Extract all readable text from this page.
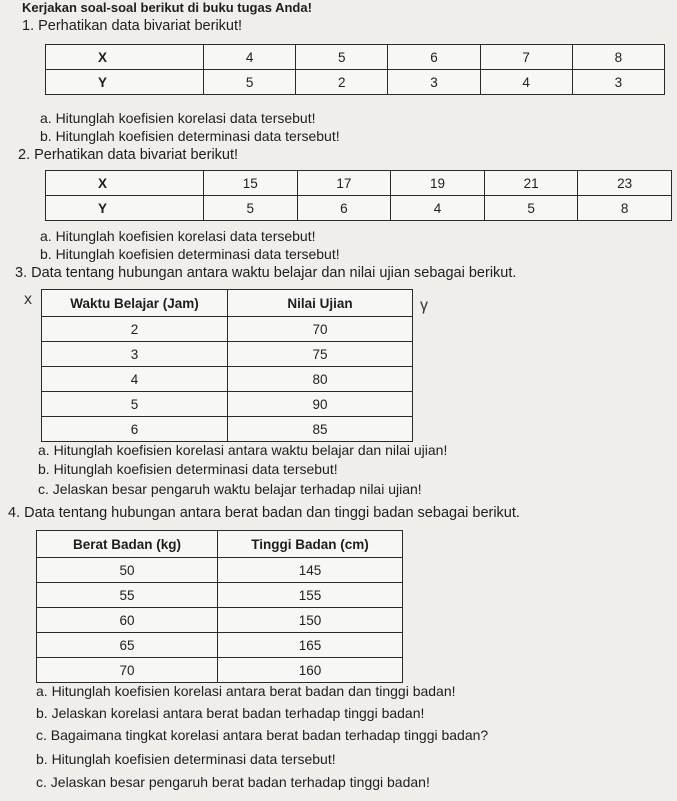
Kerjakan soal-soal berikut di buku tugas Anda!
1. Perhatikan data bivariat berikut!
X	4	5	6	7	8
Y	5	2	3	4	3
a. Hitunglah koefisien korelasi data tersebut!
b. Hitunglah koefisien determinasi data tersebut!
2. Perhatikan data bivariat berikut!
X	15	17	19	21	23
Y	5	6	4	5	8
a. Hitunglah koefisien korelasi data tersebut!
b. Hitunglah koefisien determinasi data tersebut!
3. Data tentang hubungan antara waktu belajar dan nilai ujian sebagai berikut.
x	γ
Waktu Belajar (Jam)	Nilai Ujian
2	70
3	75
4	80
5	90
6	85
a. Hitunglah koefisien korelasi antara waktu belajar dan nilai ujian!
b. Hitunglah koefisien determinasi data tersebut!
c. Jelaskan besar pengaruh waktu belajar terhadap nilai ujian!
4. Data tentang hubungan antara berat badan dan tinggi badan sebagai berikut.
Berat Badan (kg)	Tinggi Badan (cm)
50	145
55	155
60	150
65	165
70	160
a. Hitunglah koefisien korelasi antara berat badan dan tinggi badan!
b. Jelaskan korelasi antara berat badan terhadap tinggi badan!
c. Bagaimana tingkat korelasi antara berat badan terhadap tinggi badan?
b. Hitunglah koefisien determinasi data tersebut!
c. Jelaskan besar pengaruh berat badan terhadap tinggi badan!
